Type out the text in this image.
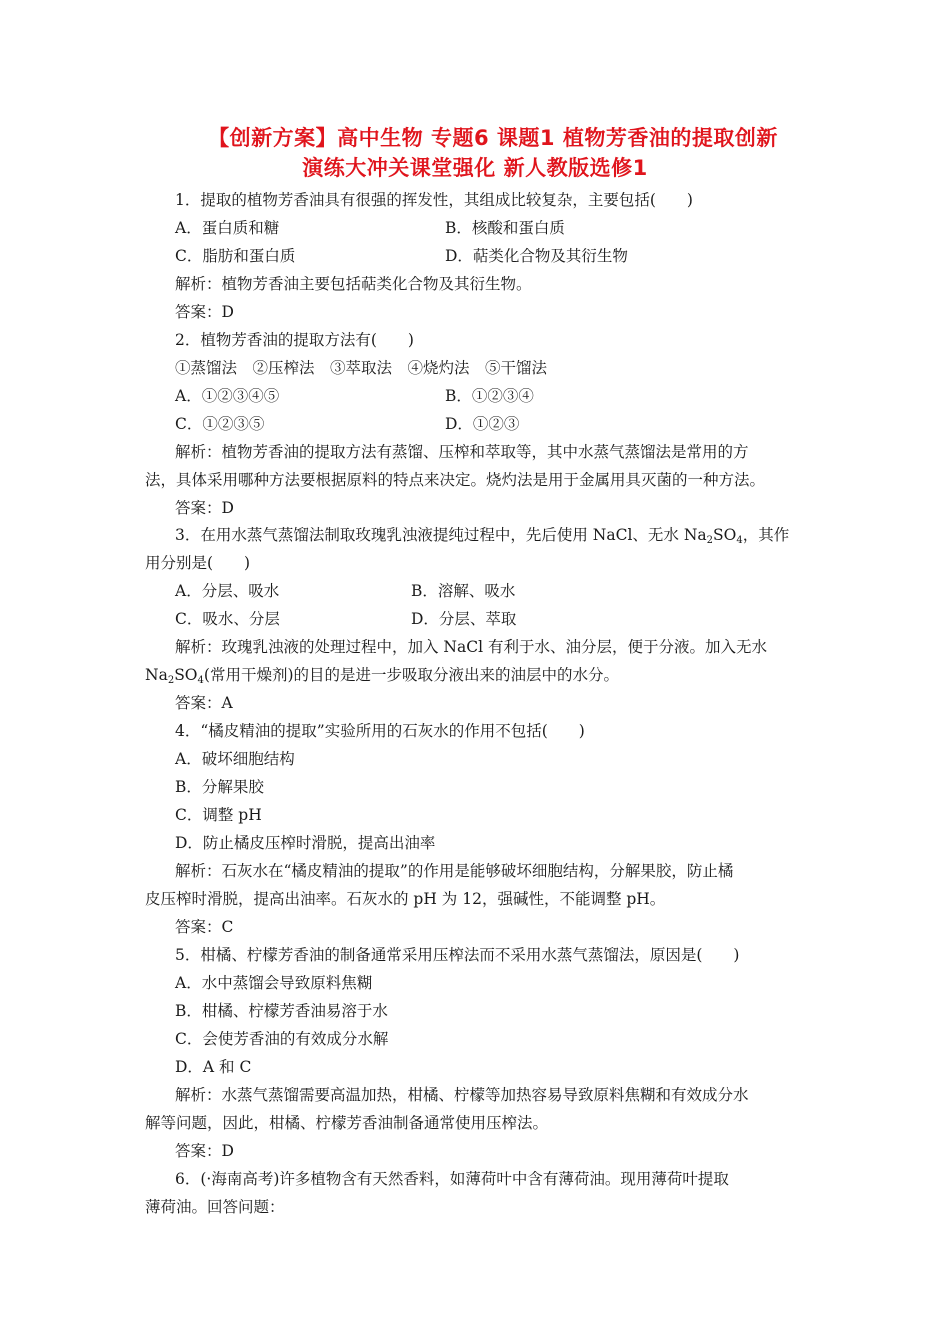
【创新方案】高中生物 专题6 课题1 植物芳香油的提取创新
演练大冲关课堂强化 新人教版选修1
1．提取的植物芳香油具有很强的挥发性，其组成比较复杂，主要包括(　　)
A．蛋白质和糖	B．核酸和蛋白质
C．脂肪和蛋白质	D．萜类化合物及其衍生物
解析：植物芳香油主要包括萜类化合物及其衍生物。
答案：D
2．植物芳香油的提取方法有(　　)
①蒸馏法　②压榨法　③萃取法　④烧灼法　⑤干馏法
A．①②③④⑤	B．①②③④
C．①②③⑤	D．①②③
解析：植物芳香油的提取方法有蒸馏、压榨和萃取等，其中水蒸气蒸馏法是常用的方
法，具体采用哪种方法要根据原料的特点来决定。烧灼法是用于金属用具灭菌的一种方法。
答案：D
3．在用水蒸气蒸馏法制取玫瑰乳浊液提纯过程中，先后使用 NaCl、无水 $Na_2SO_4$，其作
用分别是(　　)
A．分层、吸水	B．溶解、吸水
C．吸水、分层	D．分层、萃取
解析：玫瑰乳浊液的处理过程中，加入 NaCl 有利于水、油分层，便于分液。加入无水
$Na_2SO_4$(常用干燥剂)的目的是进一步吸取分液出来的油层中的水分。
答案：A
4．“橘皮精油的提取”实验所用的石灰水的作用不包括(　　)
A．破坏细胞结构
B．分解果胶
C．调整 pH
D．防止橘皮压榨时滑脱，提高出油率
解析：石灰水在“橘皮精油的提取”的作用是能够破坏细胞结构，分解果胶，防止橘
皮压榨时滑脱，提高出油率。石灰水的 pH 为 12，强碱性，不能调整 pH。
答案：C
5．柑橘、柠檬芳香油的制备通常采用压榨法而不采用水蒸气蒸馏法，原因是(　　)
A．水中蒸馏会导致原料焦糊
B．柑橘、柠檬芳香油易溶于水
C．会使芳香油的有效成分水解
D．A 和 C
解析：水蒸气蒸馏需要高温加热，柑橘、柠檬等加热容易导致原料焦糊和有效成分水
解等问题，因此，柑橘、柠檬芳香油制备通常使用压榨法。
答案：D
6．(·海南高考)许多植物含有天然香料，如薄荷叶中含有薄荷油。现用薄荷叶提取
薄荷油。回答问题：
